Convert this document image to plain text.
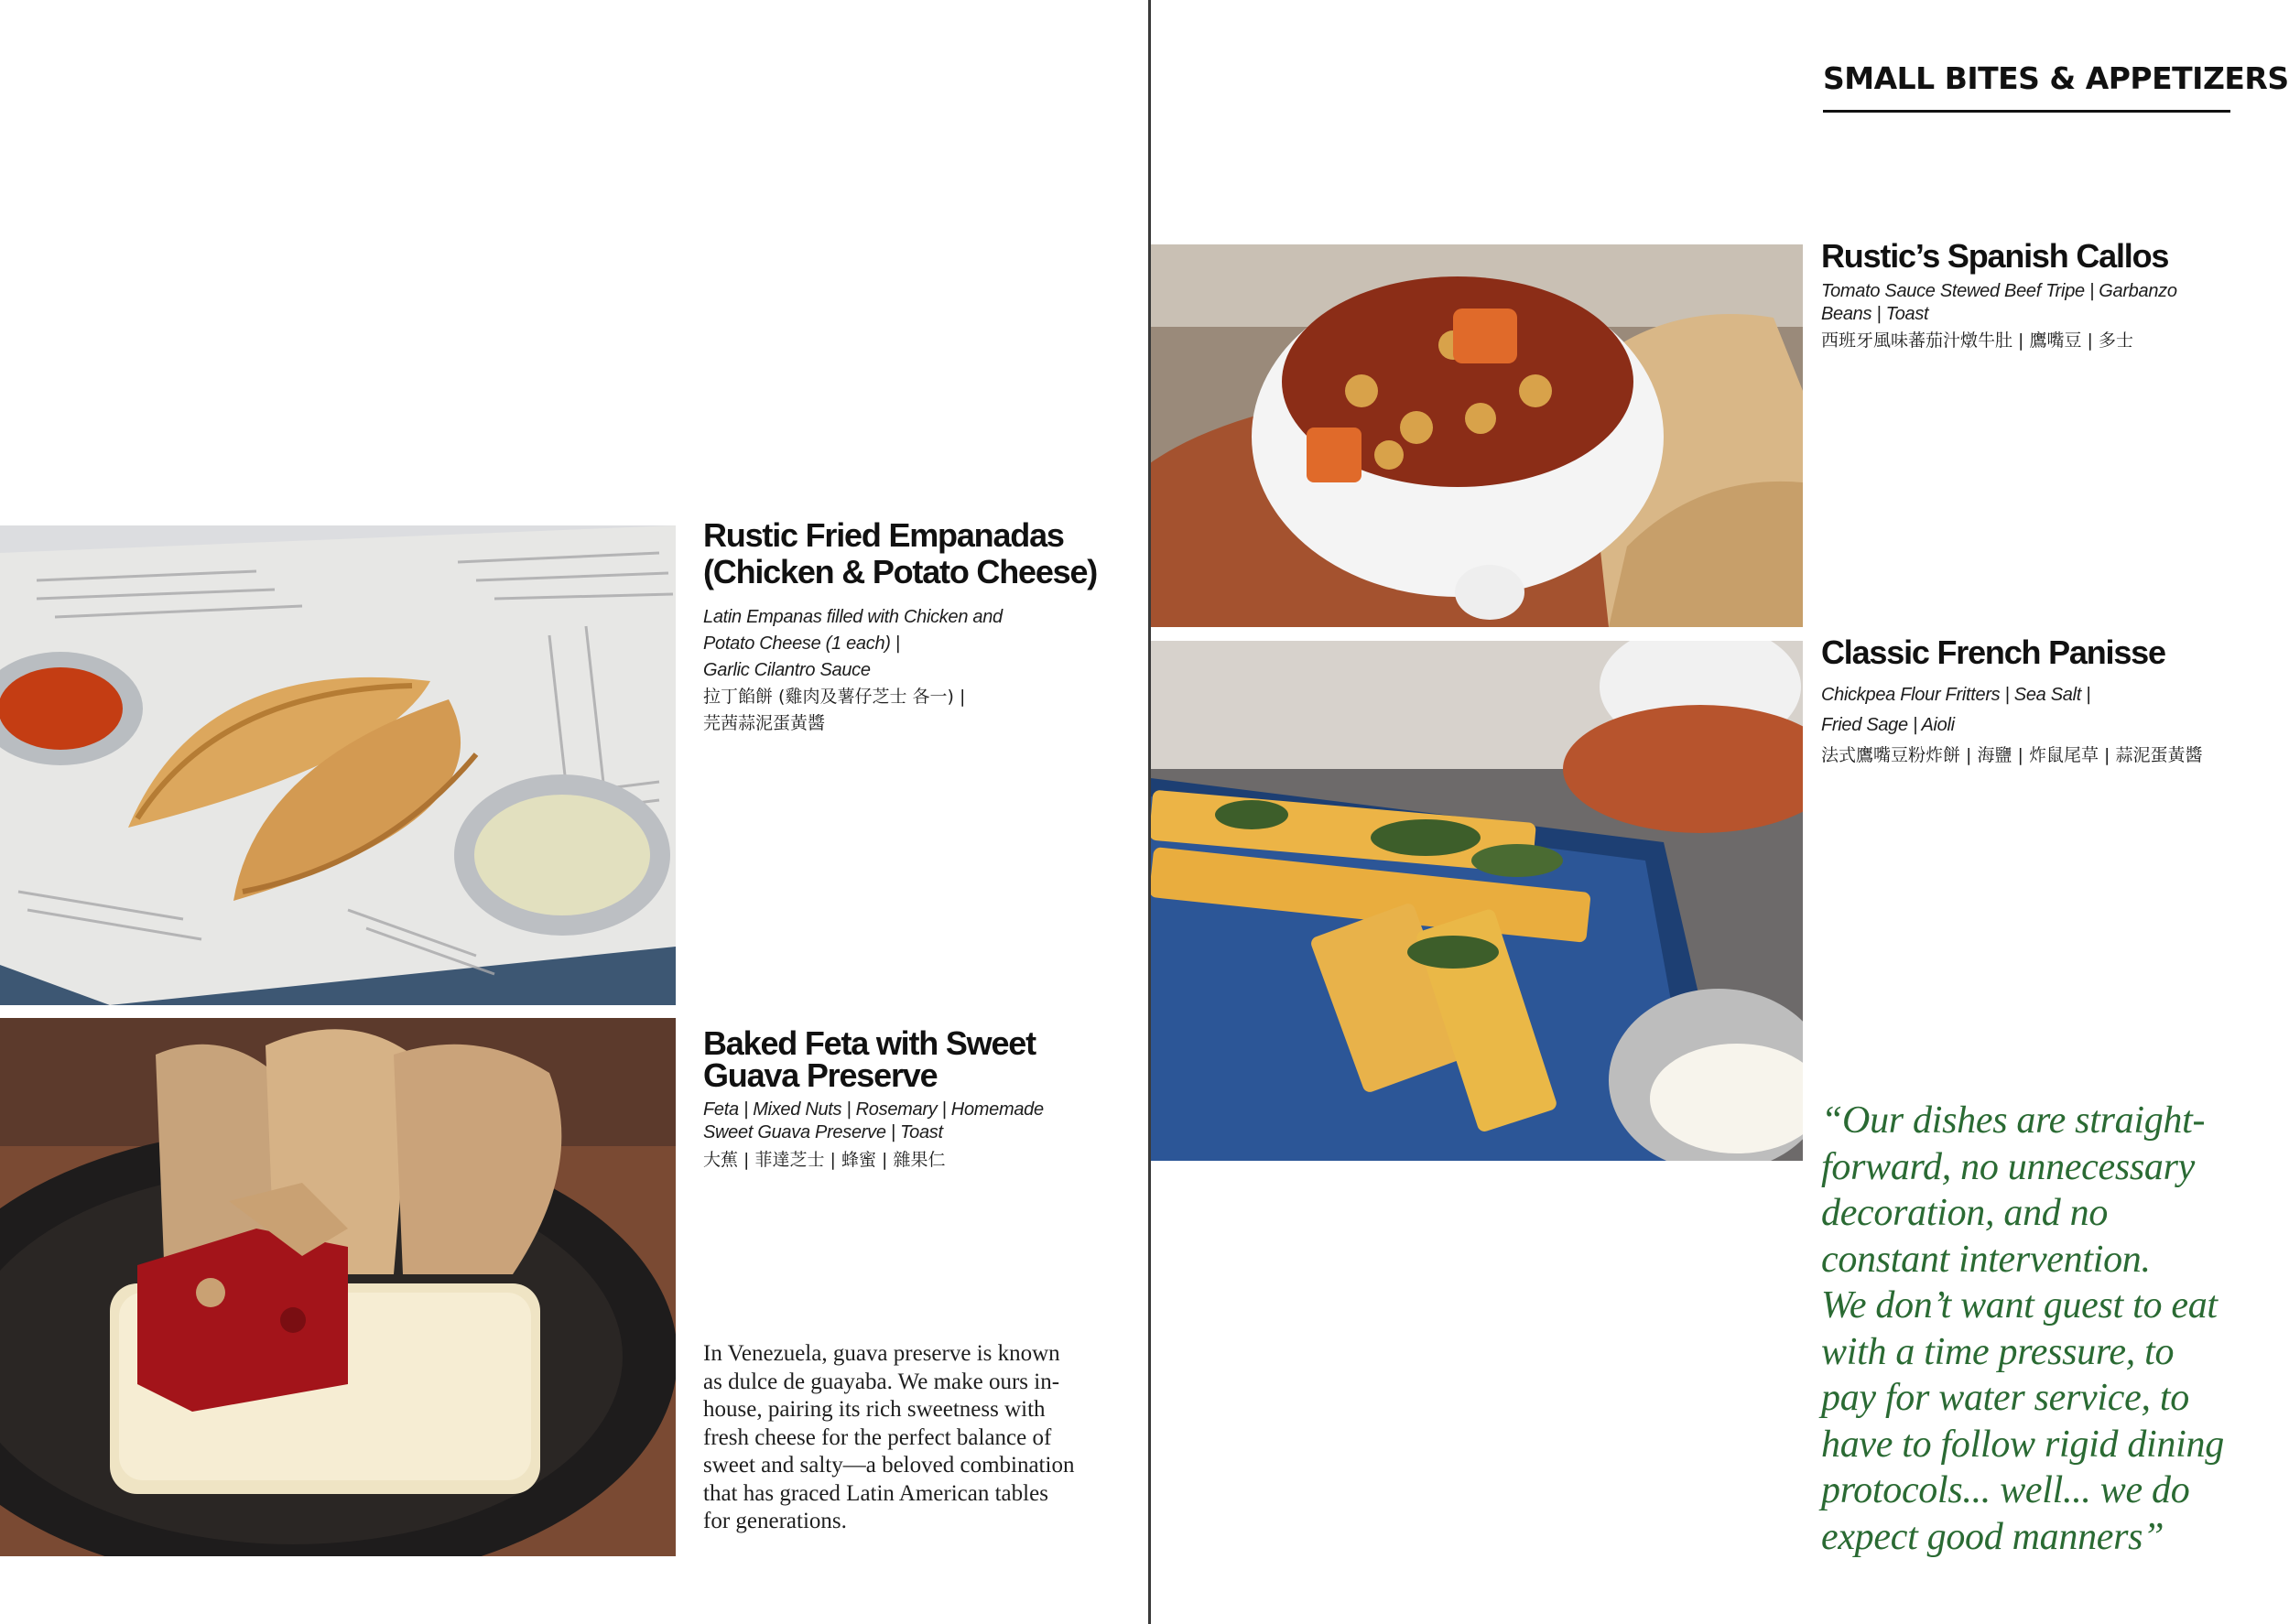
SMALL BITES & APPETIZERS
Rustic Fried Empanadas
(Chicken & Potato Cheese)

Latin Empanas filled with Chicken and

Potato Cheese (1 each) |

Garlic Cilantro Sauce

拉丁餡餅 (雞肉及薯仔芝士 各一) |

芫茜蒜泥蛋黃醬

Baked Feta with Sweet
Guava Preserve

Feta | Mixed Nuts | Rosemary | Homemade

Sweet Guava Preserve | Toast

大蕉 | 菲達芝士 | 蜂蜜 | 雜果仁

Rustic’s Spanish Callos

Tomato Sauce Stewed Beef Tripe | Garbanzo

Beans | Toast

西班牙風味蕃茄汁燉牛肚 | 鷹嘴豆 | 多士

Classic French Panisse

Chickpea Flour Fritters | Sea Salt |

Fried Sage | Aioli

法式鷹嘴豆粉炸餅 | 海鹽 | 炸鼠尾草 | 蒜泥蛋黃醬

In Venezuela, guava preserve is known
as dulce de guayaba. We make ours in-
house, pairing its rich sweetness with
fresh cheese for the perfect balance of
sweet and salty—a beloved combination
that has graced Latin American tables
for generations.
“Our dishes are straight-
forward, no unnecessary
decoration, and no
constant intervention.
We don’t want guest to eat
with a time pressure, to
pay for water service, to
have to follow rigid dining
protocols... well... we do
expect good manners”
